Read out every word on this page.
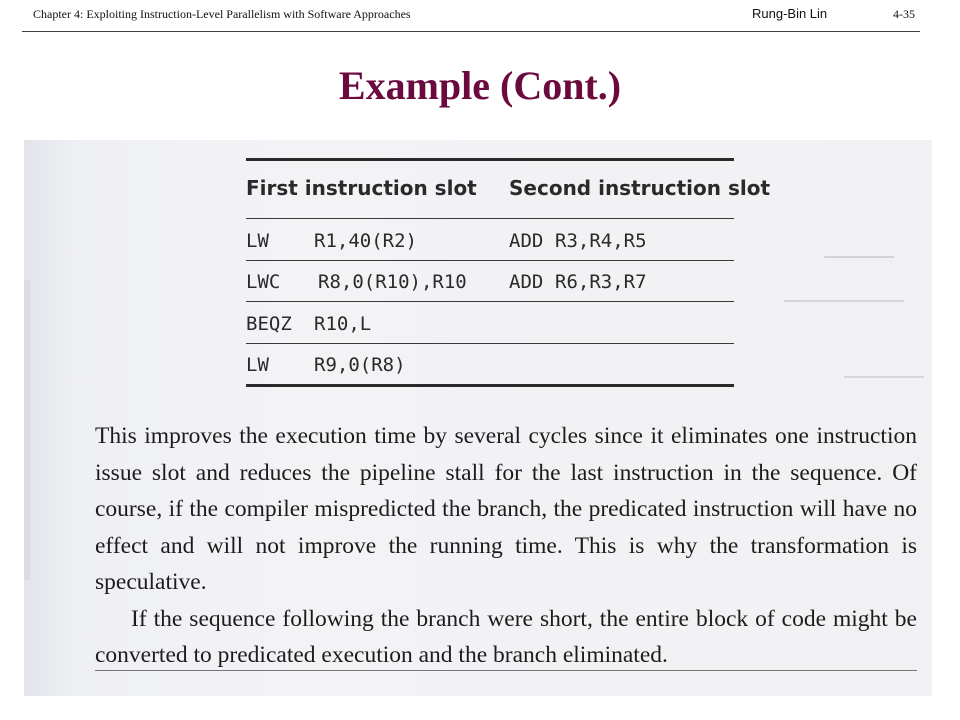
Chapter 4: Exploiting Instruction-Level Parallelism with Software Approaches	Rung-Bin Lin	4-35
Example (Cont.)
First instruction slot Second instruction slot
LW R1,40(R2)	ADD R3,R4,R5
LWC R8,0(R10),R10 ADD R6,R3,R7
BEQZ R10,L
LW R9,0(R8)

This improves the execution time by several cycles since it eliminates one instruction issue slot and reduces the pipeline stall for the last instruction in the sequence. Of course, if the compiler mispredicted the branch, the predicated instruction will have no effect and will not improve the running time. This is why the transformation is speculative.

If the sequence following the branch were short, the entire block of code might be converted to predicated execution and the branch eliminated.
